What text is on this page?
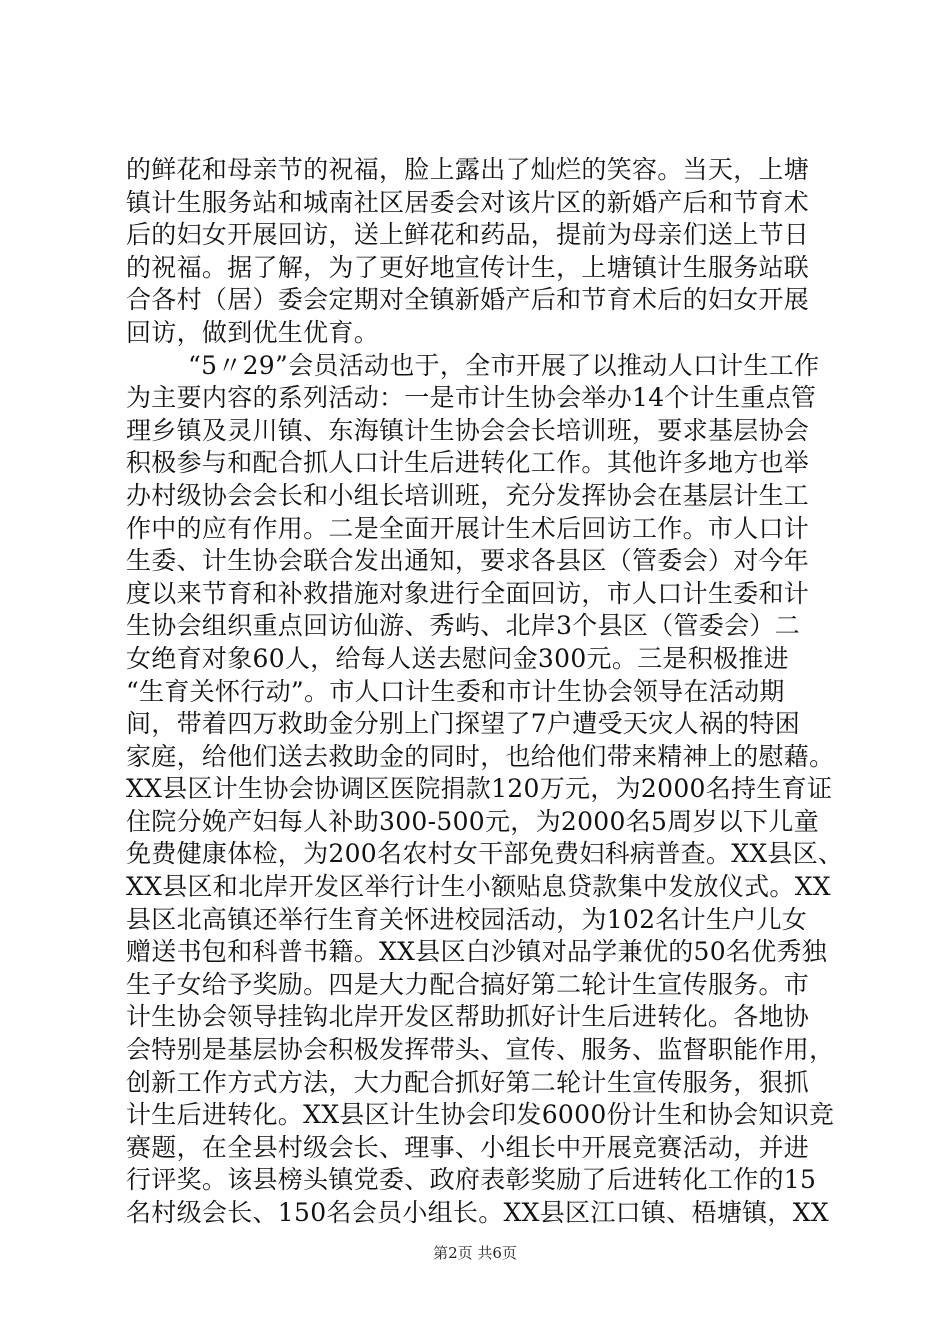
的鲜花和母亲节的祝福，脸上露出了灿烂的笑容。当天，上塘
镇计生服务站和城南社区居委会对该片区的新婚产后和节育术
后的妇女开展回访，送上鲜花和药品，提前为母亲们送上节日
的祝福。据了解，为了更好地宣传计生，上塘镇计生服务站联
合各村（居）委会定期对全镇新婚产后和节育术后的妇女开展
回访，做到优生优育。
“5〃29”会员活动也于，全市开展了以推动人口计生工作
为主要内容的系列活动：一是市计生协会举办14个计生重点管
理乡镇及灵川镇、东海镇计生协会会长培训班，要求基层协会
积极参与和配合抓人口计生后进转化工作。其他许多地方也举
办村级协会会长和小组长培训班，充分发挥协会在基层计生工
作中的应有作用。二是全面开展计生术后回访工作。市人口计
生委、计生协会联合发出通知，要求各县区（管委会）对今年
度以来节育和补救措施对象进行全面回访，市人口计生委和计
生协会组织重点回访仙游、秀屿、北岸3个县区（管委会）二
女绝育对象60人，给每人送去慰问金300元。三是积极推进
“生育关怀行动”。市人口计生委和市计生协会领导在活动期
间，带着四万救助金分别上门探望了7户遭受天灾人祸的特困
家庭，给他们送去救助金的同时，也给他们带来精神上的慰藉。
XX县区计生协会协调区医院捐款120万元，为2000名持生育证
住院分娩产妇每人补助300-500元，为2000名5周岁以下儿童
免费健康体检，为200名农村女干部免费妇科病普查。XX县区、
XX县区和北岸开发区举行计生小额贴息贷款集中发放仪式。XX
县区北高镇还举行生育关怀进校园活动，为102名计生户儿女
赠送书包和科普书籍。XX县区白沙镇对品学兼优的50名优秀独
生子女给予奖励。四是大力配合搞好第二轮计生宣传服务。市
计生协会领导挂钩北岸开发区帮助抓好计生后进转化。各地协
会特别是基层协会积极发挥带头、宣传、服务、监督职能作用，
创新工作方式方法，大力配合抓好第二轮计生宣传服务，狠抓
计生后进转化。XX县区计生协会印发6000份计生和协会知识竞
赛题，在全县村级会长、理事、小组长中开展竞赛活动，并进
行评奖。该县榜头镇党委、政府表彰奖励了后进转化工作的15
名村级会长、150名会员小组长。XX县区江口镇、梧塘镇，XX
第2页 共6页
